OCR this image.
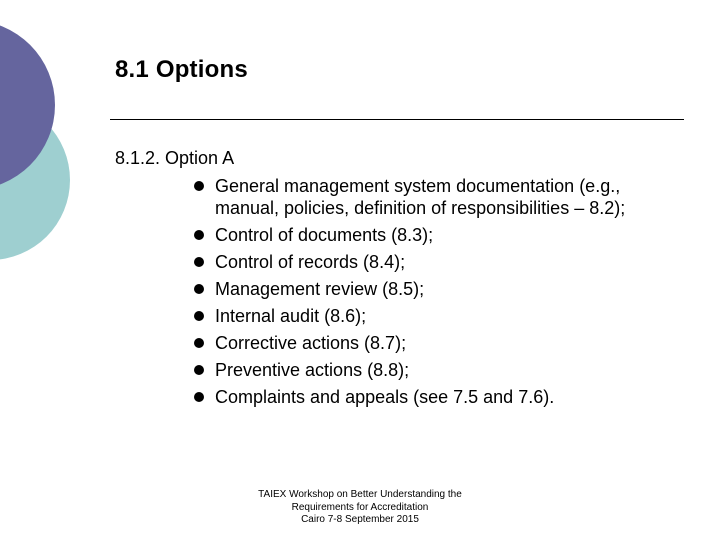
8.1 Options
8.1.2. Option A
General management system documentation (e.g., manual, policies, definition of responsibilities – 8.2);
Control of documents (8.3);
Control of records (8.4);
Management review (8.5);
Internal audit (8.6);
Corrective actions (8.7);
Preventive actions (8.8);
Complaints and appeals (see 7.5 and 7.6).
TAIEX Workshop on Better Understanding the
Requirements for Accreditation
Cairo 7-8 September 2015
